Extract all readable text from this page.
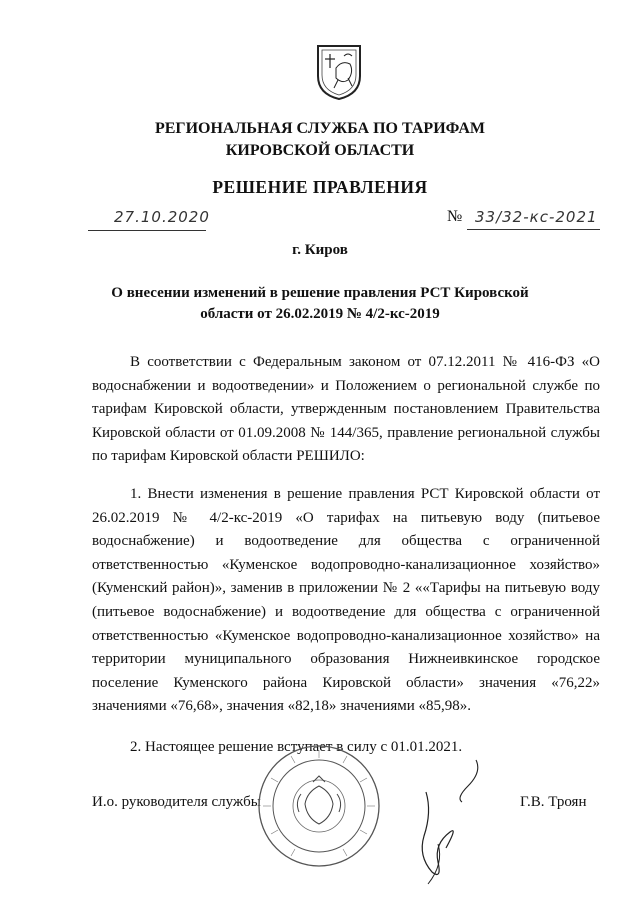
РЕГИОНАЛЬНАЯ СЛУЖБА ПО ТАРИФАМ
КИРОВСКОЙ ОБЛАСТИ
РЕШЕНИЕ ПРАВЛЕНИЯ
27.10.2020	№ 33/32-кс-2021
г. Киров
О внесении изменений в решение правления РСТ Кировской
области от 26.02.2019 № 4/2-кс-2019
В соответствии с Федеральным законом от 07.12.2011 № 416-ФЗ «О водоснабжении и водоотведении» и Положением о региональной службе по тарифам Кировской области, утвержденным постановлением Правительства Кировской области от 01.09.2008 № 144/365, правление региональной службы по тарифам Кировской области РЕШИЛО:
1. Внести изменения в решение правления РСТ Кировской области от 26.02.2019 № 4/2-кс-2019 «О тарифах на питьевую воду (питьевое водоснабжение) и водоотведение для общества с ограниченной ответственностью «Куменское водопроводно-канализационное хозяйство» (Куменский район)», заменив в приложении № 2 ««Тарифы на питьевую воду (питьевое водоснабжение) и водоотведение для общества с ограниченной ответственностью «Куменское водопроводно-канализационное хозяйство» на территории муниципального образования Нижнеивкинское городское поселение Куменского района Кировской области» значения «76,22» значениями «76,68», значения «82,18» значениями «85,98».
2. Настоящее решение вступает в силу с 01.01.2021.
И.о. руководителя службы	Г.В. Троян
